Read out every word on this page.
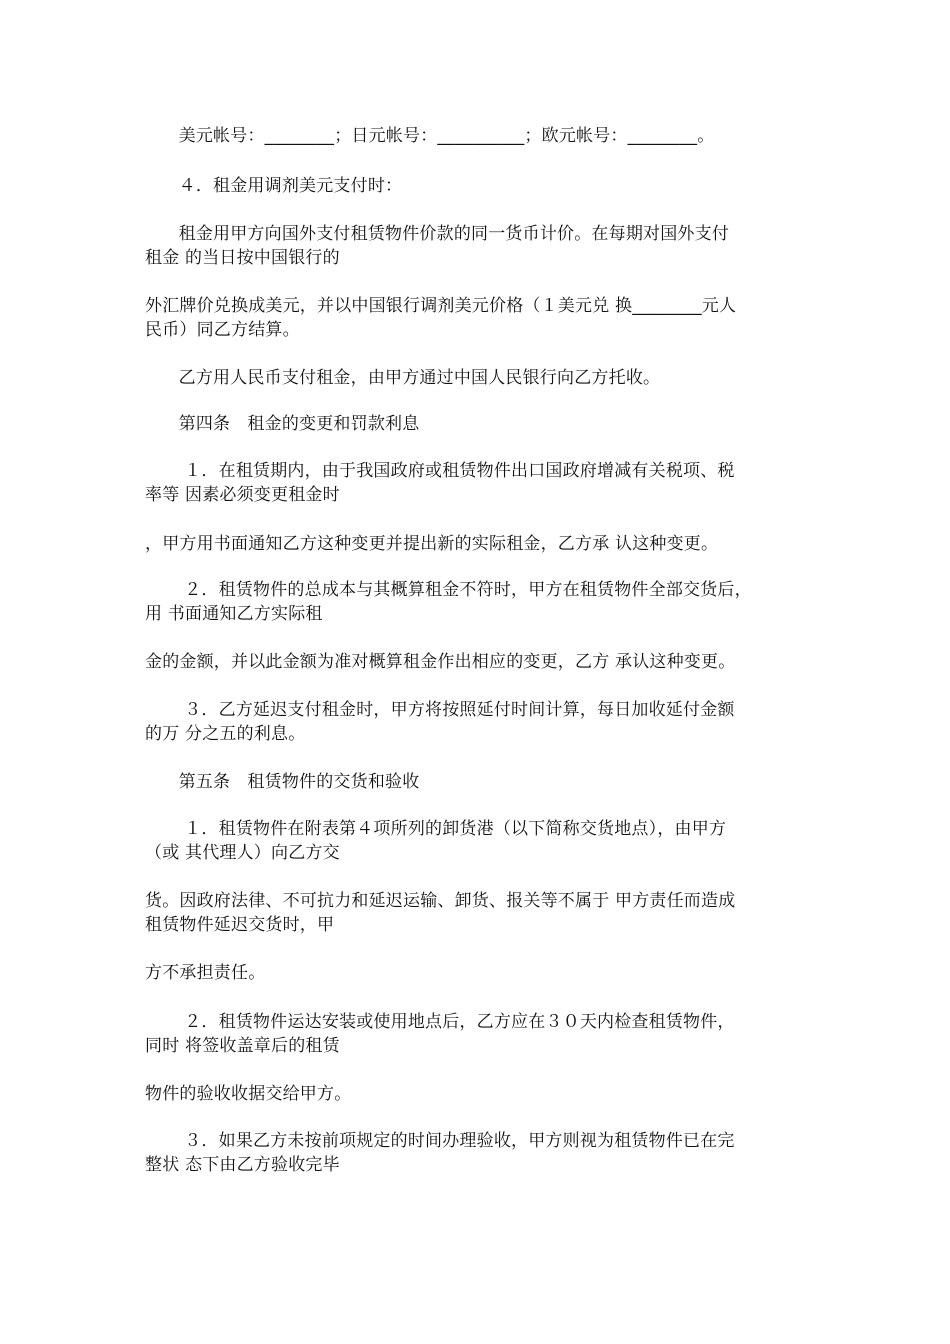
美元帐号：________；日元帐号：__________；欧元帐号：________。
４．租金用调剂美元支付时：
租金用甲方向国外支付租赁物件价款的同一货币计价。在每期对国外支付
租金 的当日按中国银行的
外汇牌价兑换成美元，并以中国银行调剂美元价格（１美元兑 换________元人
民币）同乙方结算。
乙方用人民币支付租金，由甲方通过中国人民银行向乙方托收。
第四条　租金的变更和罚款利息
１．在租赁期内，由于我国政府或租赁物件出口国政府增减有关税项、税
率等 因素必须变更租金时
，甲方用书面通知乙方这种变更并提出新的实际租金，乙方承 认这种变更。
２．租赁物件的总成本与其概算租金不符时，甲方在租赁物件全部交货后，
用 书面通知乙方实际租
金的金额，并以此金额为准对概算租金作出相应的变更，乙方 承认这种变更。
３．乙方延迟支付租金时，甲方将按照延付时间计算，每日加收延付金额
的万 分之五的利息。
第五条　租赁物件的交货和验收
１．租赁物件在附表第４项所列的卸货港（以下简称交货地点），由甲方
（或 其代理人）向乙方交
货。因政府法律、不可抗力和延迟运输、卸货、报关等不属于 甲方责任而造成
租赁物件延迟交货时，甲
方不承担责任。
２．租赁物件运达安装或使用地点后，乙方应在３０天内检查租赁物件，
同时 将签收盖章后的租赁
物件的验收收据交给甲方。
３．如果乙方未按前项规定的时间办理验收，甲方则视为租赁物件已在完
整状 态下由乙方验收完毕
